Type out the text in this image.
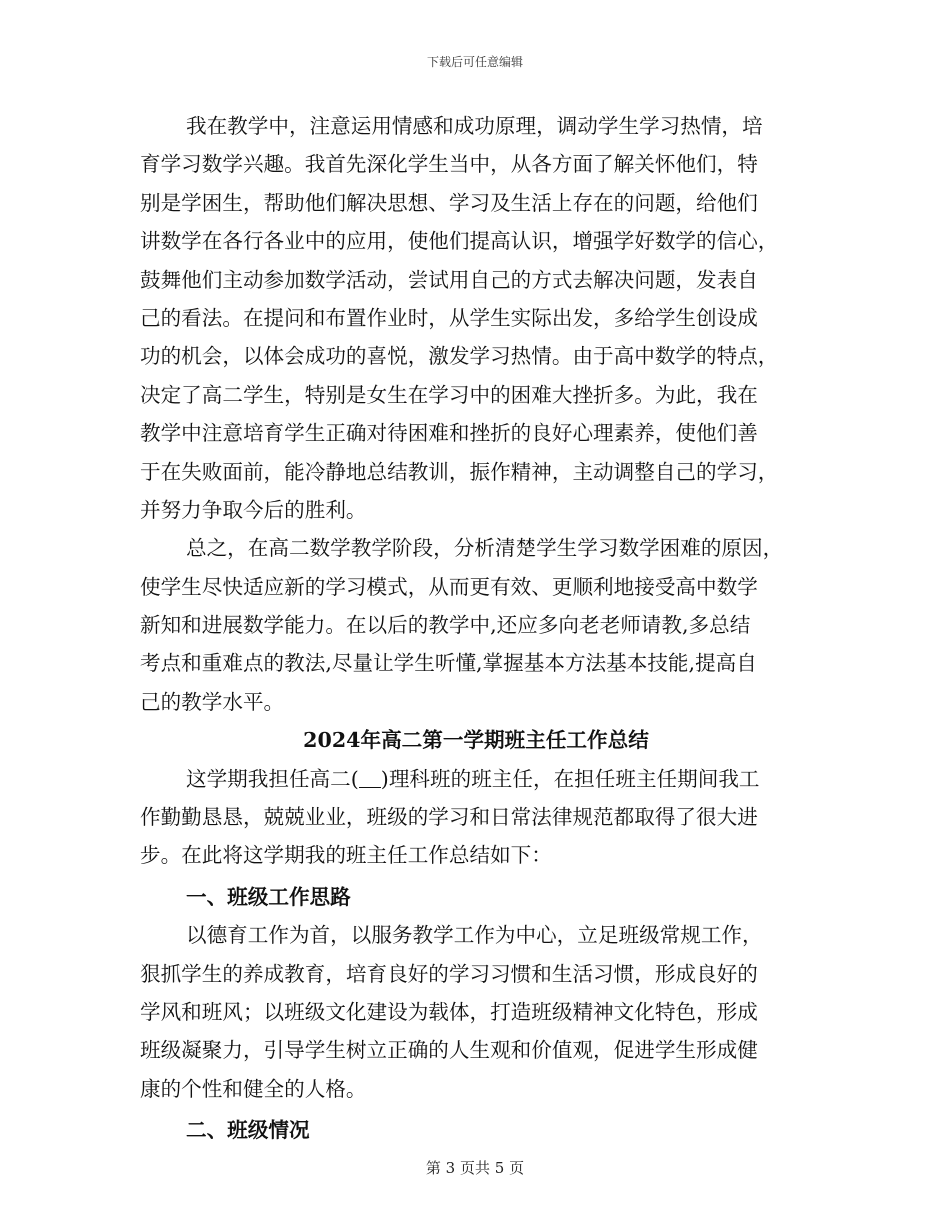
下载后可任意编辑
我在教学中，注意运用情感和成功原理，调动学生学习热情，培
育学习数学兴趣。我首先深化学生当中，从各方面了解关怀他们，特
别是学困生，帮助他们解决思想、学习及生活上存在的问题，给他们
讲数学在各行各业中的应用，使他们提高认识，增强学好数学的信心，
鼓舞他们主动参加数学活动，尝试用自己的方式去解决问题，发表自
己的看法。在提问和布置作业时，从学生实际出发，多给学生创设成
功的机会，以体会成功的喜悦，激发学习热情。由于高中数学的特点，
决定了高二学生，特别是女生在学习中的困难大挫折多。为此，我在
教学中注意培育学生正确对待困难和挫折的良好心理素养，使他们善
于在失败面前，能冷静地总结教训，振作精神，主动调整自己的学习，
并努力争取今后的胜利。
总之，在高二数学教学阶段，分析清楚学生学习数学困难的原因，
使学生尽快适应新的学习模式，从而更有效、更顺利地接受高中数学
新知和进展数学能力。在以后的教学中,还应多向老老师请教,多总结
考点和重难点的教法,尽量让学生听懂,掌握基本方法基本技能,提高自
己的教学水平。
2024年高二第一学期班主任工作总结
这学期我担任高二( )理科班的班主任，在担任班主任期间我工
作勤勤恳恳，兢兢业业，班级的学习和日常法律规范都取得了很大进
步。在此将这学期我的班主任工作总结如下：
一、班级工作思路
以德育工作为首，以服务教学工作为中心，立足班级常规工作，
狠抓学生的养成教育，培育良好的学习习惯和生活习惯，形成良好的
学风和班风；以班级文化建设为载体，打造班级精神文化特色，形成
班级凝聚力，引导学生树立正确的人生观和价值观，促进学生形成健
康的个性和健全的人格。
二、班级情况
第 3 页共 5 页
